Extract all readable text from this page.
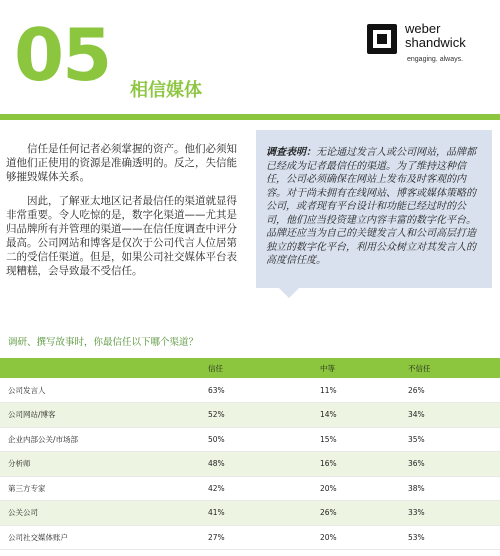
05 相信媒体
weber
shandwick
engaging. always.

信任是任何记者必须掌握的资产。他们必须知道他们正使用的资源是准确透明的。反之，失信能够摧毁媒体关系。

因此，了解亚太地区记者最信任的渠道就显得非常重要。令人吃惊的是，数字化渠道——尤其是归品牌所有并管理的渠道——在信任度调查中评分最高。公司网站和博客是仅次于公司代言人位居第二的受信任渠道。但是，如果公司社交媒体平台表现糟糕，会导致最不受信任。

调查表明：无论通过发言人或公司网站，品牌都已经成为记者最信任的渠道。为了维持这种信任，公司必须确保在网站上发布及时客观的内容。对于尚未拥有在线网站、博客或媒体策略的公司，或者现有平台设计和功能已经过时的公司，他们应当投资建立内容丰富的数字化平台。品牌还应当为自己的关键发言人和公司高层打造独立的数字化平台，利用公众树立对其发言人的高度信任度。
调研、撰写故事时，你最信任以下哪个渠道？
	信任	中等	不信任
公司发言人	63%	11%	26%
公司网站/博客	52%	14%	34%
企业内部公关/市场部	50%	15%	35%
分析师	48%	16%	36%
第三方专家	42%	20%	38%
公关公司	41%	26%	33%
公司社交媒体账户	27%	20%	53%
